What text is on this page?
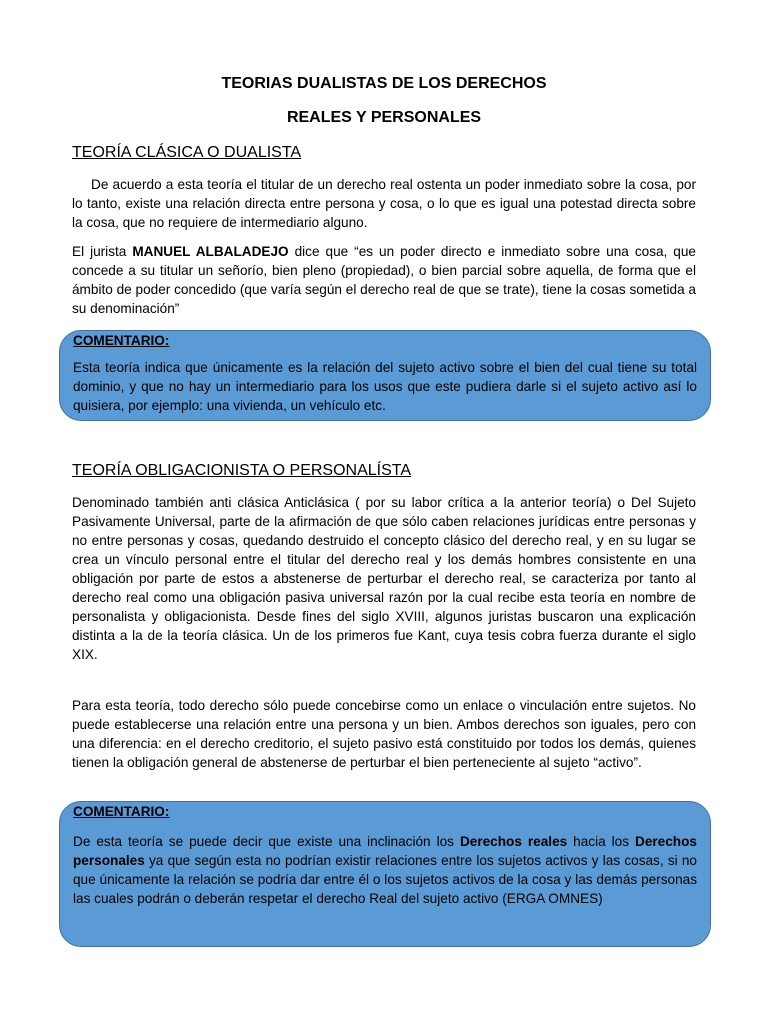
TEORIAS DUALISTAS DE LOS DERECHOS
REALES Y PERSONALES
TEORÍA CLÁSICA O DUALISTA

De acuerdo a esta teoría el titular de un derecho real ostenta un poder inmediato sobre la cosa, por lo tanto, existe una relación directa entre persona y cosa, o lo que es igual una potestad directa sobre la cosa, que no requiere de intermediario alguno.

El jurista MANUEL ALBALADEJO dice que “es un poder directo e inmediato sobre una cosa, que concede a su titular un señorío, bien pleno (propiedad), o bien parcial sobre aquella, de forma que el ámbito de poder concedido (que varía según el derecho real de que se trate), tiene la cosas sometida a su denominación”

COMENTARIO:

Esta teoría indica que únicamente es la relación del sujeto activo sobre el bien del cual tiene su total dominio, y que no hay un intermediario para los usos que este pudiera darle si el sujeto activo así lo quisiera, por ejemplo: una vivienda, un vehículo etc.

TEORÍA OBLIGACIONISTA O PERSONALÍSTA

Denominado también anti clásica Anticlásica ( por su labor crítica a la anterior teoría) o Del Sujeto Pasivamente Universal, parte de la afirmación de que sólo caben relaciones jurídicas entre personas y no entre personas y cosas, quedando destruido el concepto clásico del derecho real, y en su lugar se crea un vínculo personal entre el titular del derecho real y los demás hombres consistente en una obligación por parte de estos a abstenerse de perturbar el derecho real, se caracteriza por tanto al derecho real como una obligación pasiva universal razón por la cual recibe esta teoría en nombre de personalista y obligacionista. Desde fines del siglo XVIII, algunos juristas buscaron una explicación distinta a la de la teoría clásica. Un de los primeros fue Kant, cuya tesis cobra fuerza durante el siglo XIX.

Para esta teoría, todo derecho sólo puede concebirse como un enlace o vinculación entre sujetos. No puede establecerse una relación entre una persona y un bien. Ambos derechos son iguales, pero con una diferencia: en el derecho creditorio, el sujeto pasivo está constituido por todos los demás, quienes tienen la obligación general de abstenerse de perturbar el bien perteneciente al sujeto “activo”.

COMENTARIO:

De esta teoría se puede decir que existe una inclinación los Derechos reales hacia los Derechos personales ya que según esta no podrían existir relaciones entre los sujetos activos y las cosas, si no que únicamente la relación se podría dar entre él o los sujetos activos de la cosa y las demás personas las cuales podrán o deberán respetar el derecho Real del sujeto activo (ERGA OMNES)
